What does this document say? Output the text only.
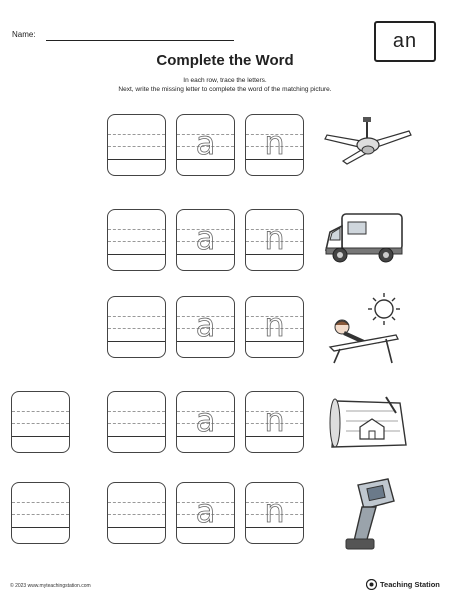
Name:	an
Complete the Word
In each row, trace the letters.
Next, write the missing letter to complete the word of the matching picture.
a	n
a	n
a	n
a	n
a	n
© 2023 www.myteachingstation.com	Teaching Station
